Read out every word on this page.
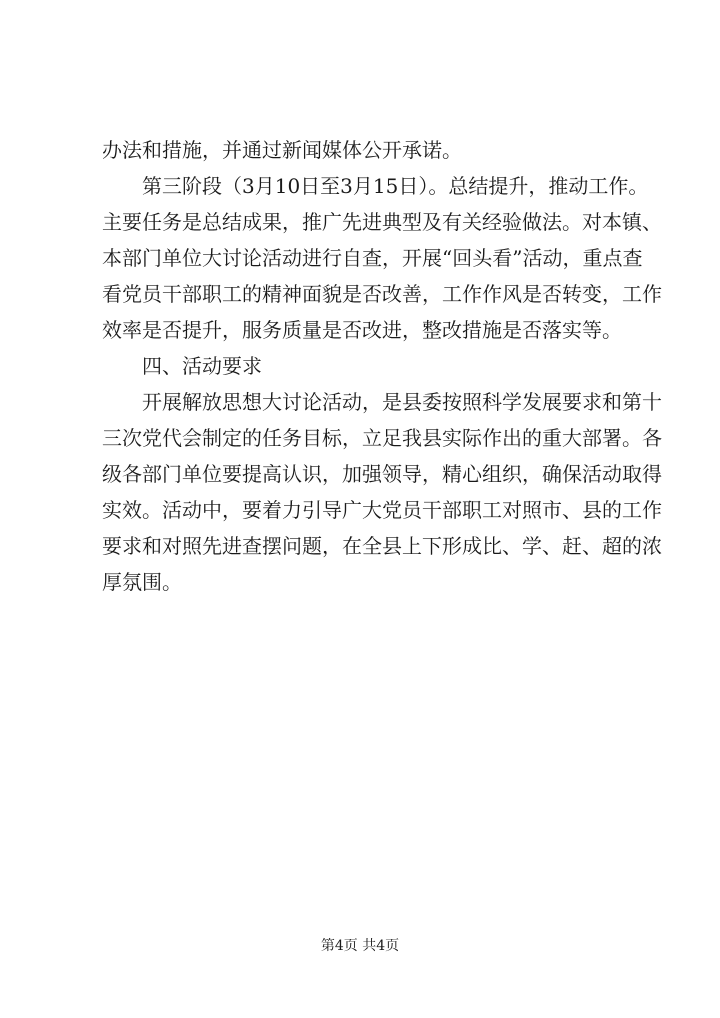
办法和措施，并通过新闻媒体公开承诺。
第三阶段（3月10日至3月15日）。总结提升，推动工作。
主要任务是总结成果，推广先进典型及有关经验做法。对本镇、
本部门单位大讨论活动进行自查，开展“回头看”活动，重点查
看党员干部职工的精神面貌是否改善，工作作风是否转变，工作
效率是否提升，服务质量是否改进，整改措施是否落实等。
四、活动要求
开展解放思想大讨论活动，是县委按照科学发展要求和第十
三次党代会制定的任务目标，立足我县实际作出的重大部署。各
级各部门单位要提高认识，加强领导，精心组织，确保活动取得
实效。活动中，要着力引导广大党员干部职工对照市、县的工作
要求和对照先进查摆问题，在全县上下形成比、学、赶、超的浓
厚氛围。
第4页 共4页
